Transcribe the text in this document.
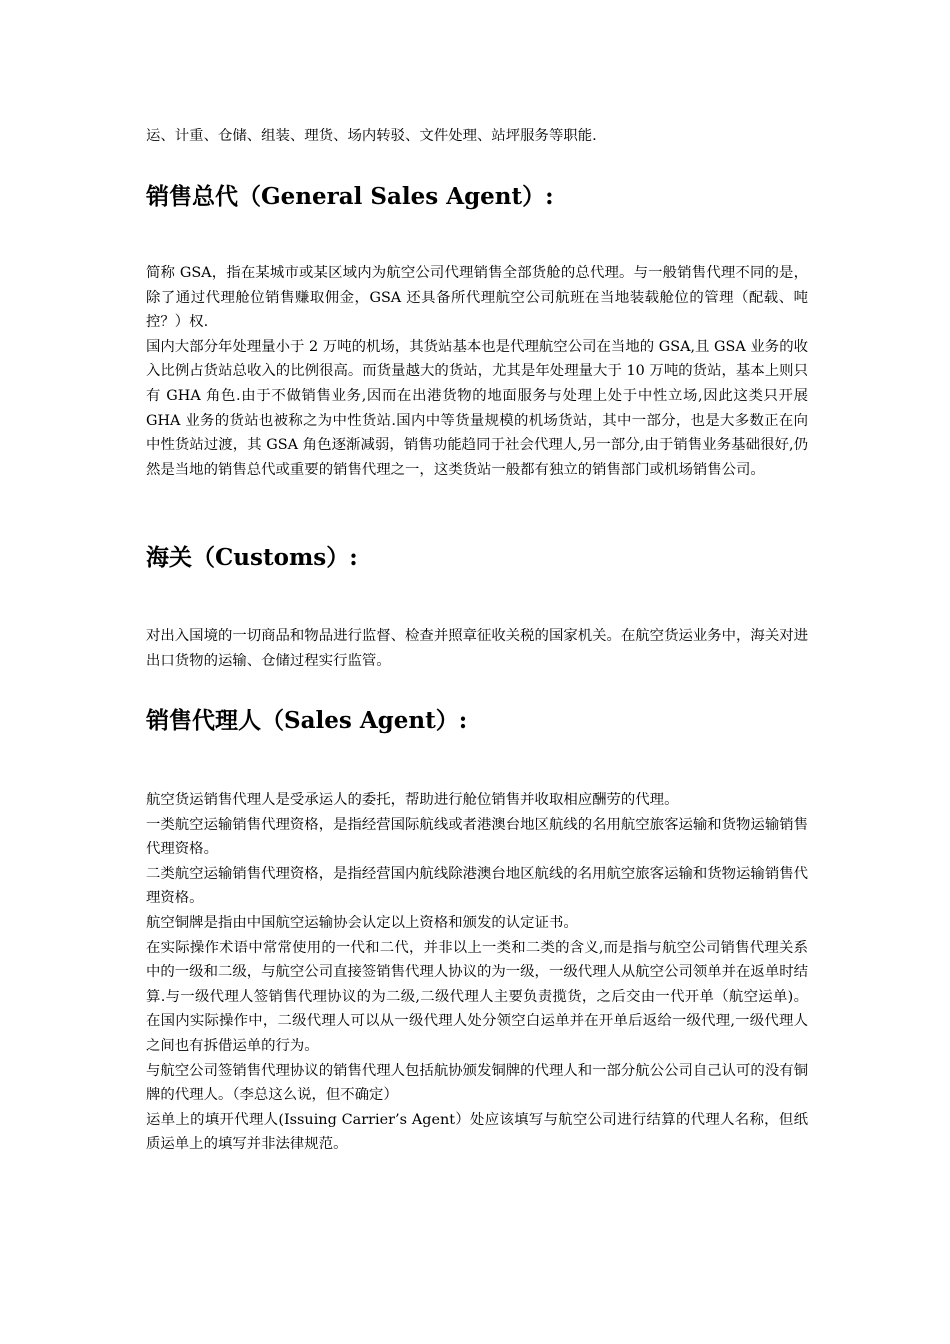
运、计重、仓储、组装、理货、场内转驳、文件处理、站坪服务等职能.

销售总代（General Sales Agent）:

简称 GSA，指在某城市或某区域内为航空公司代理销售全部货舱的总代理。与一般销售代理不同的是，除了通过代理舱位销售赚取佣金，GSA 还具备所代理航空公司航班在当地装载舱位的管理（配载、吨控？）权.

国内大部分年处理量小于 2 万吨的机场，其货站基本也是代理航空公司在当地的 GSA,且 GSA 业务的收入比例占货站总收入的比例很高。而货量越大的货站，尤其是年处理量大于 10 万吨的货站，基本上则只有 GHA 角色.由于不做销售业务,因而在出港货物的地面服务与处理上处于中性立场,因此这类只开展 GHA 业务的货站也被称之为中性货站.国内中等货量规模的机场货站，其中一部分，也是大多数正在向中性货站过渡，其 GSA 角色逐渐减弱，销售功能趋同于社会代理人,另一部分,由于销售业务基础很好,仍然是当地的销售总代或重要的销售代理之一，这类货站一般都有独立的销售部门或机场销售公司。

海关（Customs）:

对出入国境的一切商品和物品进行监督、检查并照章征收关税的国家机关。在航空货运业务中，海关对进出口货物的运输、仓储过程实行监管。

销售代理人（Sales Agent）:

航空货运销售代理人是受承运人的委托，帮助进行舱位销售并收取相应酬劳的代理。

一类航空运输销售代理资格，是指经营国际航线或者港澳台地区航线的名用航空旅客运输和货物运输销售代理资格。

二类航空运输销售代理资格，是指经营国内航线除港澳台地区航线的名用航空旅客运输和货物运输销售代理资格。

航空铜牌是指由中国航空运输协会认定以上资格和颁发的认定证书。

在实际操作术语中常常使用的一代和二代，并非以上一类和二类的含义,而是指与航空公司销售代理关系中的一级和二级，与航空公司直接签销售代理人协议的为一级，一级代理人从航空公司领单并在返单时结算.与一级代理人签销售代理协议的为二级,二级代理人主要负责揽货，之后交由一代开单（航空运单)。在国内实际操作中，二级代理人可以从一级代理人处分领空白运单并在开单后返给一级代理,一级代理人之间也有拆借运单的行为。

与航空公司签销售代理协议的销售代理人包括航协颁发铜牌的代理人和一部分航公公司自己认可的没有铜牌的代理人。（李总这么说，但不确定）

运单上的填开代理人(Issuing Carrier’s Agent）处应该填写与航空公司进行结算的代理人名称，但纸质运单上的填写并非法律规范。
